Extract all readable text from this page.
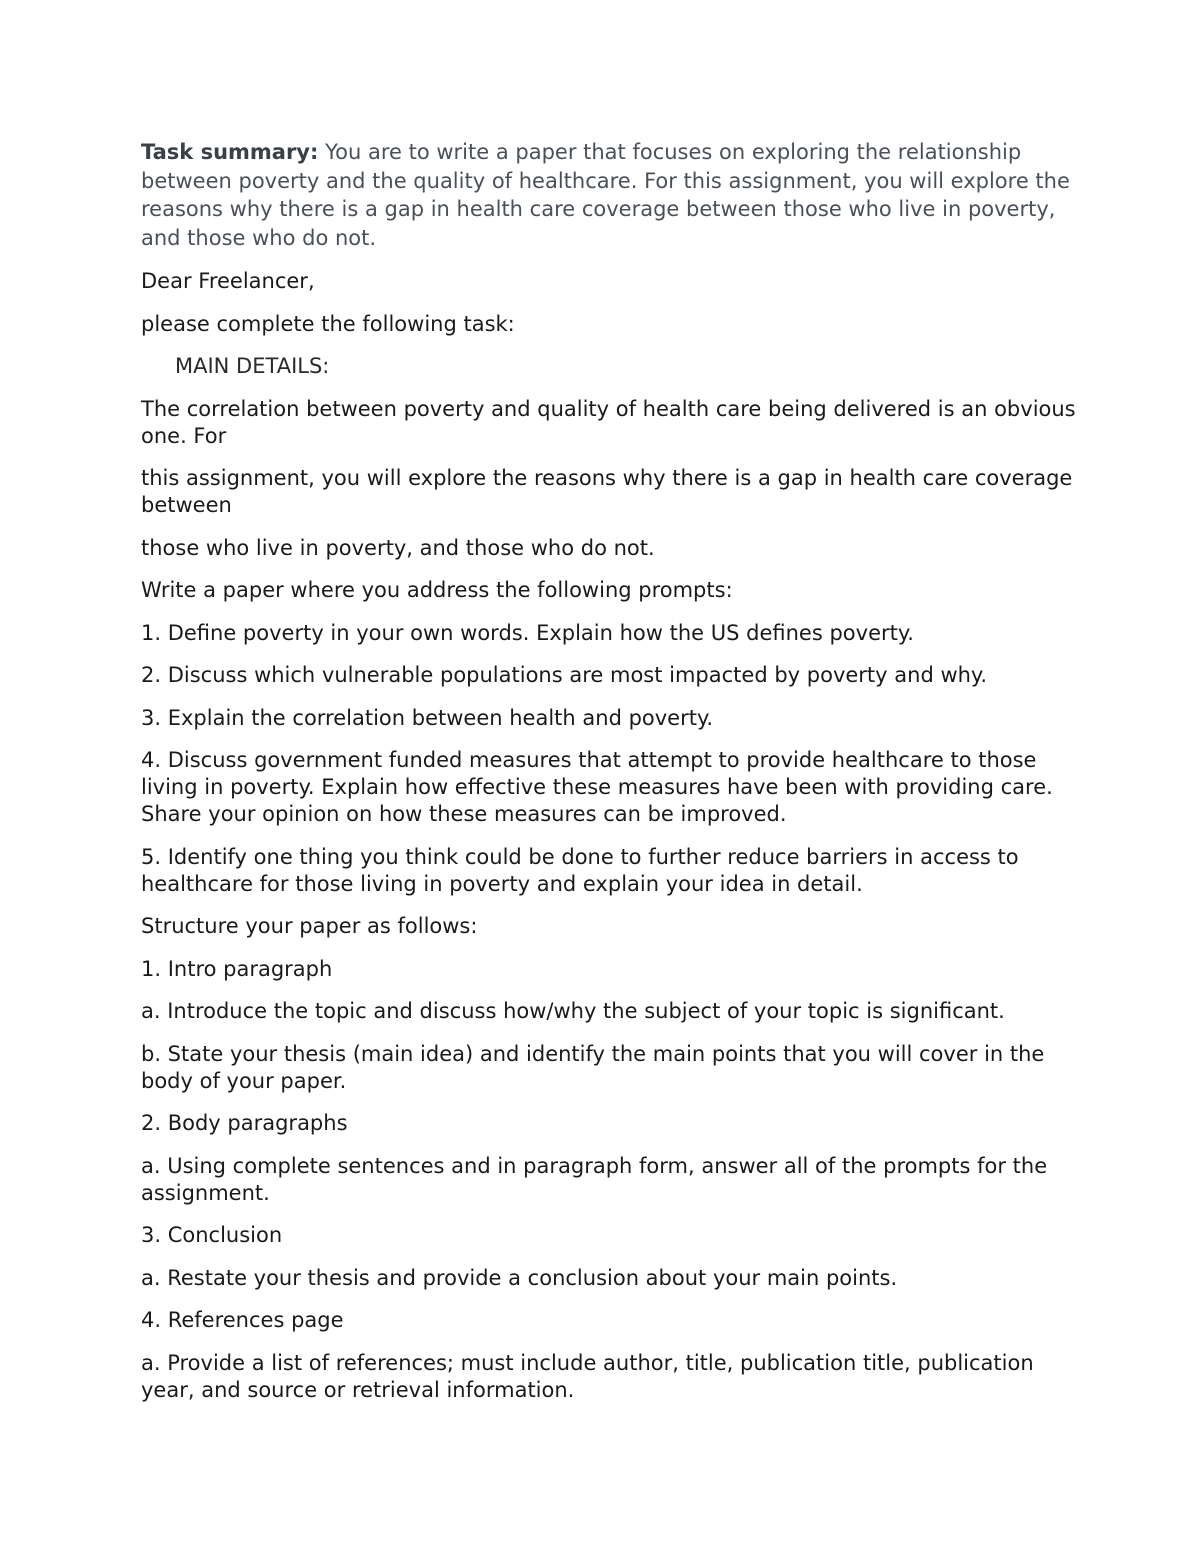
Task summary: You are to write a paper that focuses on exploring the relationship between poverty and the quality of healthcare. For this assignment, you will explore the reasons why there is a gap in health care coverage between those who live in poverty, and those who do not.

Dear Freelancer,

please complete the following task:

MAIN DETAILS:

The correlation between poverty and quality of health care being delivered is an obvious one. For

this assignment, you will explore the reasons why there is a gap in health care coverage between

those who live in poverty, and those who do not.

Write a paper where you address the following prompts:

1. Define poverty in your own words. Explain how the US defines poverty.

2. Discuss which vulnerable populations are most impacted by poverty and why.

3. Explain the correlation between health and poverty.

4. Discuss government funded measures that attempt to provide healthcare to those living in poverty. Explain how effective these measures have been with providing care. Share your opinion on how these measures can be improved.

5. Identify one thing you think could be done to further reduce barriers in access to healthcare for those living in poverty and explain your idea in detail.

Structure your paper as follows:

1. Intro paragraph

a. Introduce the topic and discuss how/why the subject of your topic is significant.

b. State your thesis (main idea) and identify the main points that you will cover in the body of your paper.

2. Body paragraphs

a. Using complete sentences and in paragraph form, answer all of the prompts for the assignment.

3. Conclusion

a. Restate your thesis and provide a conclusion about your main points.

4. References page

a. Provide a list of references; must include author, title, publication title, publication year, and source or retrieval information.
